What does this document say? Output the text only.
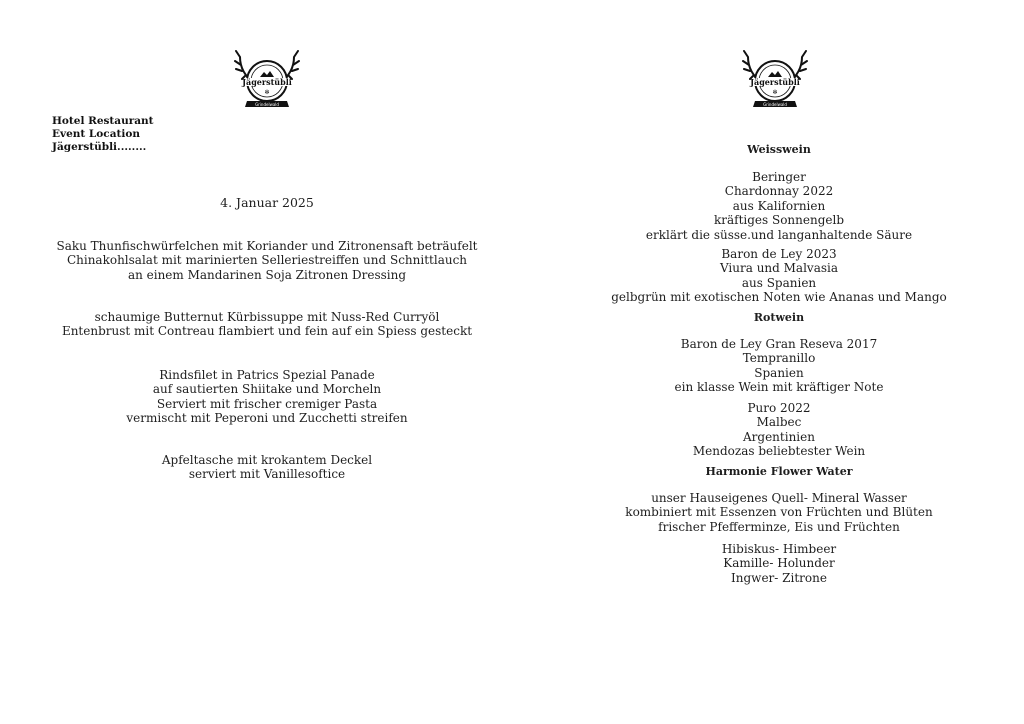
Hotel Restaurant
Event Location
Jägerstübli........
4. Januar 2025
Saku Thunfischwürfelchen mit Koriander und Zitronensaft beträufelt
Chinakohlsalat mit marinierten Selleriestreiffen und Schnittlauch
an einem Mandarinen Soja Zitronen Dressing
schaumige Butternut Kürbissuppe mit Nuss-Red Curryöl
Entenbrust mit Contreau flambiert und fein auf ein Spiess gesteckt
Rindsfilet in Patrics Spezial Panade
auf sautierten Shiitake und Morcheln
Serviert mit frischer cremiger Pasta
vermischt mit Peperoni und Zucchetti streifen
Apfeltasche mit krokantem Deckel
serviert mit Vanillesoftice
Weisswein
Beringer
Chardonnay 2022
aus Kalifornien
kräftiges Sonnengelb
erklärt die süsse.und langanhaltende Säure
Baron de Ley 2023
Viura und Malvasia
aus Spanien
gelbgrün mit exotischen Noten wie Ananas und Mango
Rotwein
Baron de Ley Gran Reseva 2017
Tempranillo
Spanien
ein klasse Wein mit kräftiger Note
Puro 2022
Malbec
Argentinien
Mendozas beliebtester Wein
Harmonie Flower Water
unser Hauseigenes Quell- Mineral Wasser
kombiniert mit Essenzen von Früchten und Blüten
frischer Pfefferminze, Eis und Früchten
Hibiskus- Himbeer
Kamille- Holunder
Ingwer- Zitrone
